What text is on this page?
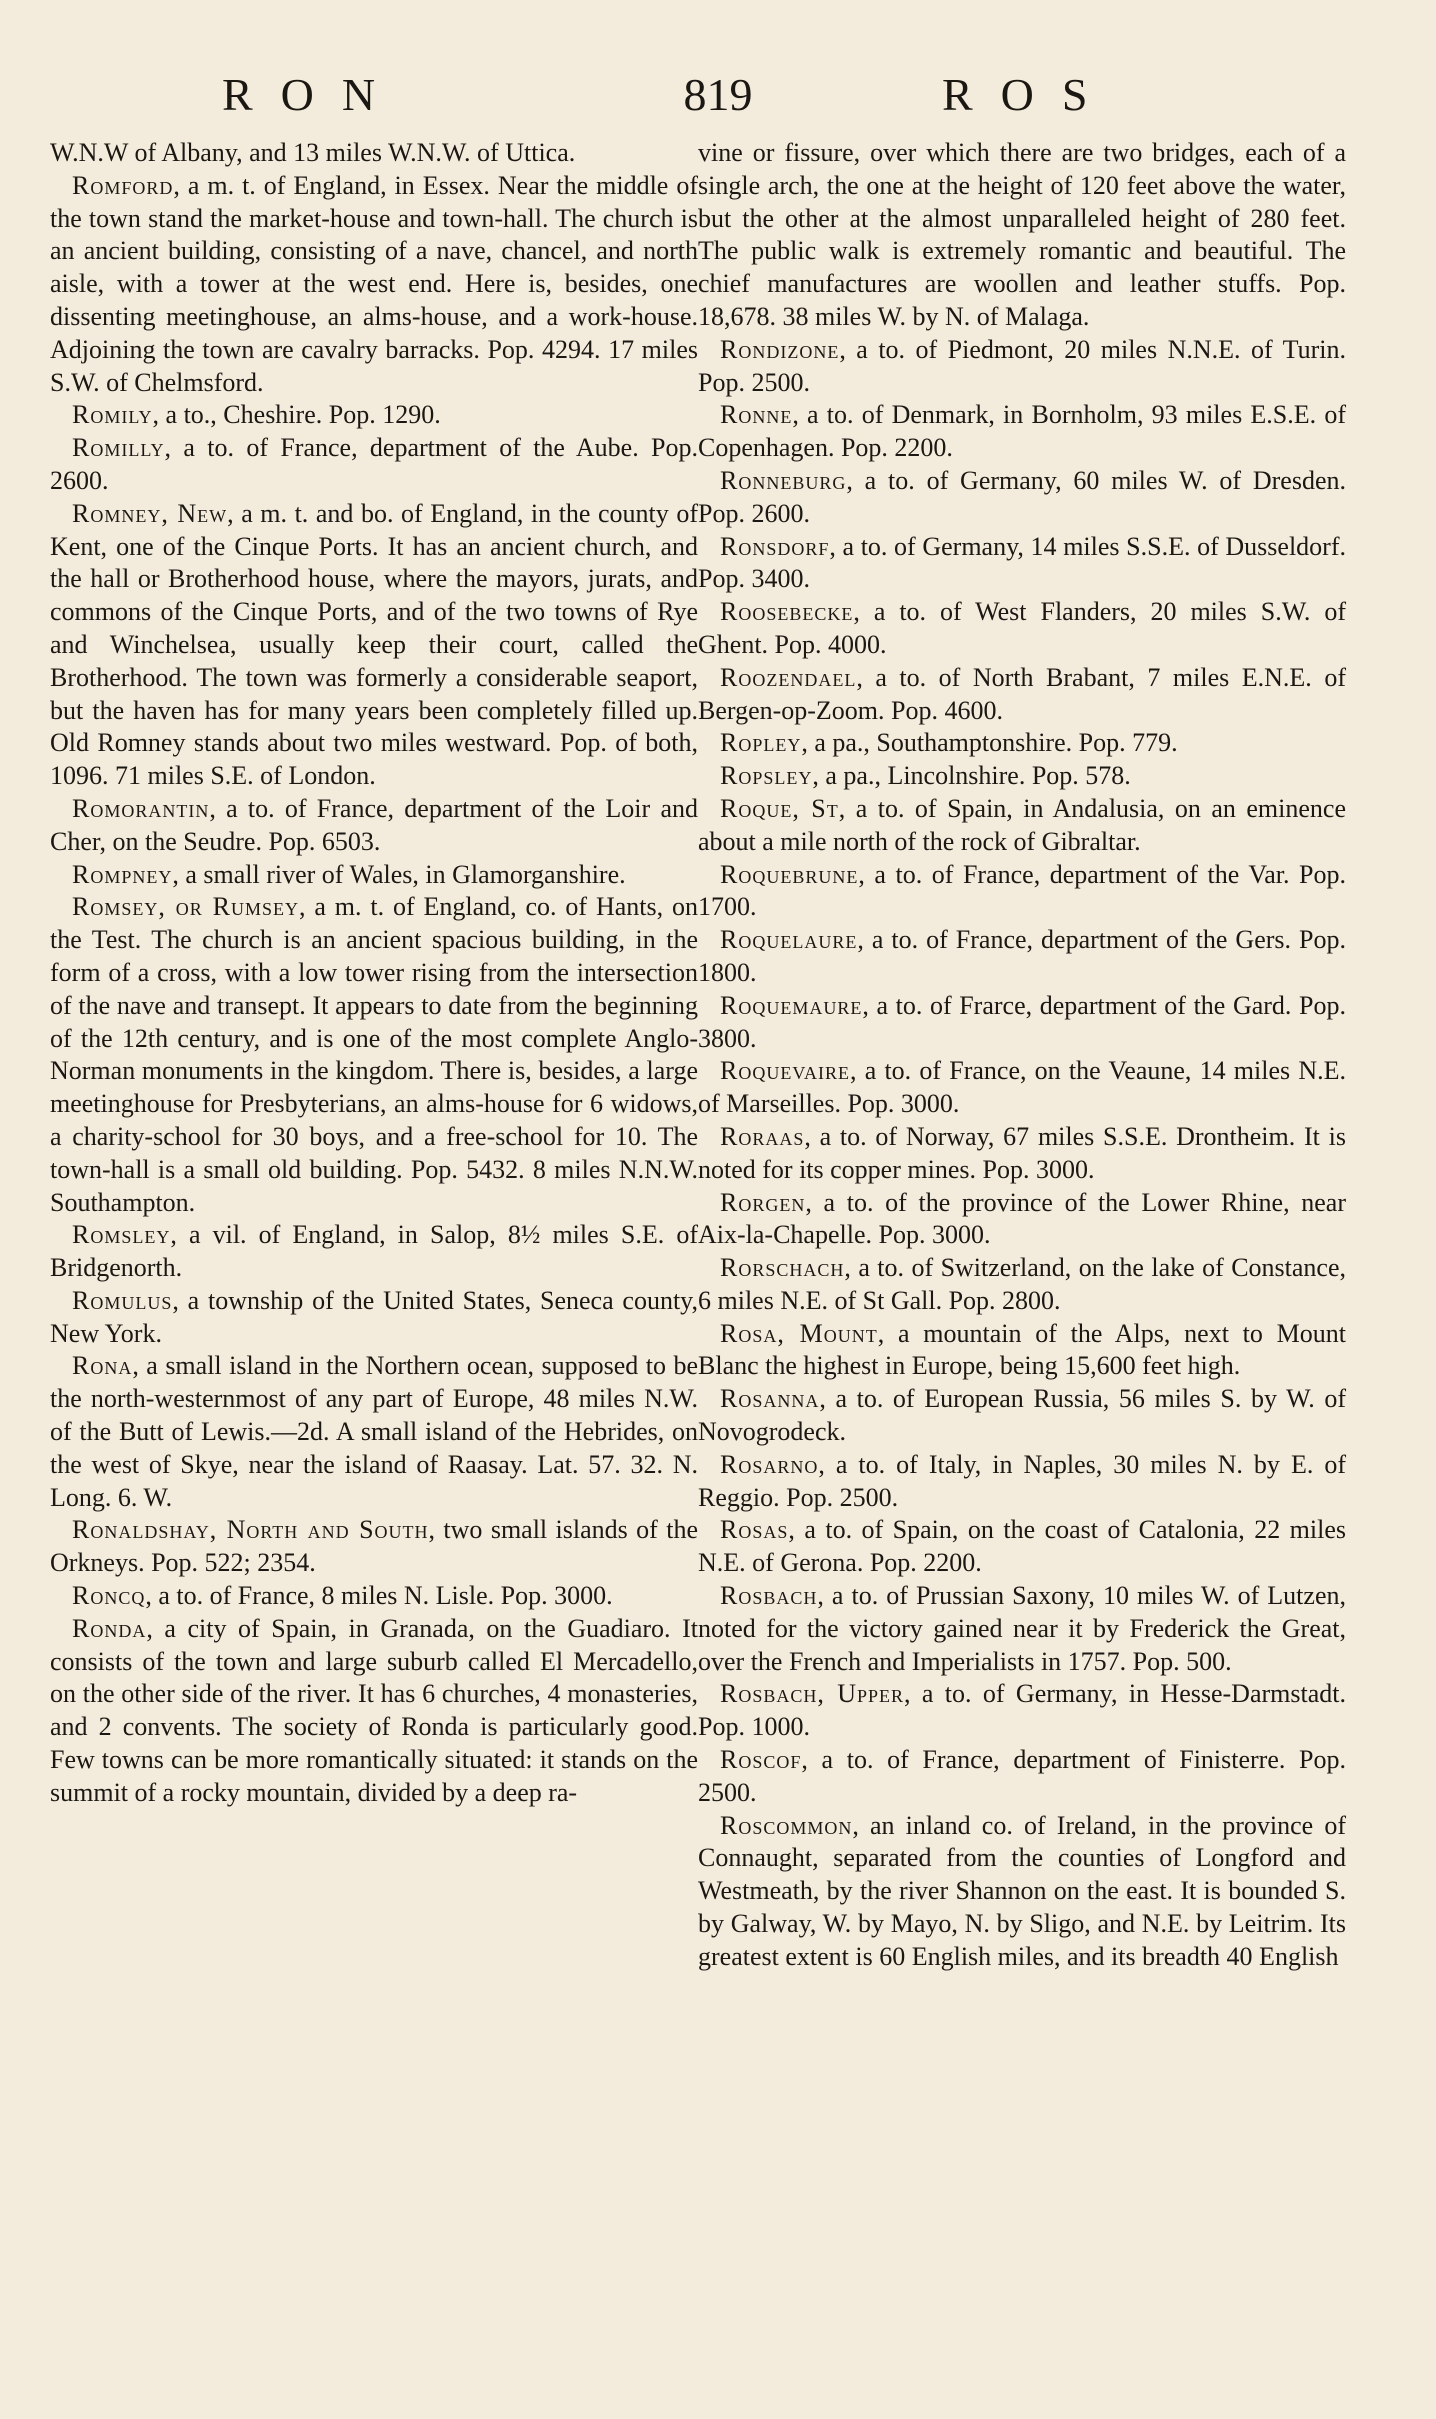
RON	819	ROS

W.N.W of Albany, and 13 miles W.N.W. of Uttica.

Romford, a m. t. of England, in Essex. Near the middle of the town stand the market-house and town-hall. The church is an ancient building, consisting of a nave, chancel, and north aisle, with a tower at the west end. Here is, besides, one dissenting meetinghouse, an alms-house, and a work-house. Adjoining the town are cavalry barracks. Pop. 4294. 17 miles S.W. of Chelmsford.

Romily, a to., Cheshire. Pop. 1290.

Romilly, a to. of France, department of the Aube. Pop. 2600.

Romney, New, a m. t. and bo. of England, in the county of Kent, one of the Cinque Ports. It has an ancient church, and the hall or Brotherhood house, where the mayors, jurats, and commons of the Cinque Ports, and of the two towns of Rye and Winchelsea, usually keep their court, called the Brotherhood. The town was formerly a considerable seaport, but the haven has for many years been completely filled up. Old Romney stands about two miles westward. Pop. of both, 1096. 71 miles S.E. of London.

Romorantin, a to. of France, department of the Loir and Cher, on the Seudre. Pop. 6503.

Rompney, a small river of Wales, in Glamorganshire.

Romsey, or Rumsey, a m. t. of England, co. of Hants, on the Test. The church is an ancient spacious building, in the form of a cross, with a low tower rising from the intersection of the nave and transept. It appears to date from the beginning of the 12th century, and is one of the most complete Anglo-Norman monuments in the kingdom. There is, besides, a large meetinghouse for Presbyterians, an alms-house for 6 widows, a charity-school for 30 boys, and a free-school for 10. The town-hall is a small old building. Pop. 5432. 8 miles N.N.W. Southampton.

Romsley, a vil. of England, in Salop, 8½ miles S.E. of Bridgenorth.

Romulus, a township of the United States, Seneca county, New York.

Rona, a small island in the Northern ocean, supposed to be the north-westernmost of any part of Europe, 48 miles N.W. of the Butt of Lewis.—2d. A small island of the Hebrides, on the west of Skye, near the island of Raasay. Lat. 57. 32. N. Long. 6. W.

Ronaldshay, North and South, two small islands of the Orkneys. Pop. 522; 2354.

Roncq, a to. of France, 8 miles N. Lisle. Pop. 3000.

Ronda, a city of Spain, in Granada, on the Guadiaro. It consists of the town and large suburb called El Mercadello, on the other side of the river. It has 6 churches, 4 monasteries, and 2 convents. The society of Ronda is particularly good. Few towns can be more romantically situated: it stands on the summit of a rocky mountain, divided by a deep ra-

vine or fissure, over which there are two bridges, each of a single arch, the one at the height of 120 feet above the water, but the other at the almost unparalleled height of 280 feet. The public walk is extremely romantic and beautiful. The chief manufactures are woollen and leather stuffs. Pop. 18,678. 38 miles W. by N. of Malaga.

Rondizone, a to. of Piedmont, 20 miles N.N.E. of Turin. Pop. 2500.

Ronne, a to. of Denmark, in Bornholm, 93 miles E.S.E. of Copenhagen. Pop. 2200.

Ronneburg, a to. of Germany, 60 miles W. of Dresden. Pop. 2600.

Ronsdorf, a to. of Germany, 14 miles S.S.E. of Dusseldorf. Pop. 3400.

Roosebecke, a to. of West Flanders, 20 miles S.W. of Ghent. Pop. 4000.

Roozendael, a to. of North Brabant, 7 miles E.N.E. of Bergen-op-Zoom. Pop. 4600.

Ropley, a pa., Southamptonshire. Pop. 779.

Ropsley, a pa., Lincolnshire. Pop. 578.

Roque, St, a to. of Spain, in Andalusia, on an eminence about a mile north of the rock of Gibraltar.

Roquebrune, a to. of France, department of the Var. Pop. 1700.

Roquelaure, a to. of France, department of the Gers. Pop. 1800.

Roquemaure, a to. of Frarce, department of the Gard. Pop. 3800.

Roquevaire, a to. of France, on the Veaune, 14 miles N.E. of Marseilles. Pop. 3000.

Roraas, a to. of Norway, 67 miles S.S.E. Drontheim. It is noted for its copper mines. Pop. 3000.

Rorgen, a to. of the province of the Lower Rhine, near Aix-la-Chapelle. Pop. 3000.

Rorschach, a to. of Switzerland, on the lake of Constance, 6 miles N.E. of St Gall. Pop. 2800.

Rosa, Mount, a mountain of the Alps, next to Mount Blanc the highest in Europe, being 15,600 feet high.

Rosanna, a to. of European Russia, 56 miles S. by W. of Novogrodeck.

Rosarno, a to. of Italy, in Naples, 30 miles N. by E. of Reggio. Pop. 2500.

Rosas, a to. of Spain, on the coast of Catalonia, 22 miles N.E. of Gerona. Pop. 2200.

Rosbach, a to. of Prussian Saxony, 10 miles W. of Lutzen, noted for the victory gained near it by Frederick the Great, over the French and Imperialists in 1757. Pop. 500.

Rosbach, Upper, a to. of Germany, in Hesse-Darmstadt. Pop. 1000.

Roscof, a to. of France, department of Finisterre. Pop. 2500.

Roscommon, an inland co. of Ireland, in the province of Connaught, separated from the counties of Longford and Westmeath, by the river Shannon on the east. It is bounded S. by Galway, W. by Mayo, N. by Sligo, and N.E. by Leitrim. Its greatest extent is 60 English miles, and its breadth 40 English
